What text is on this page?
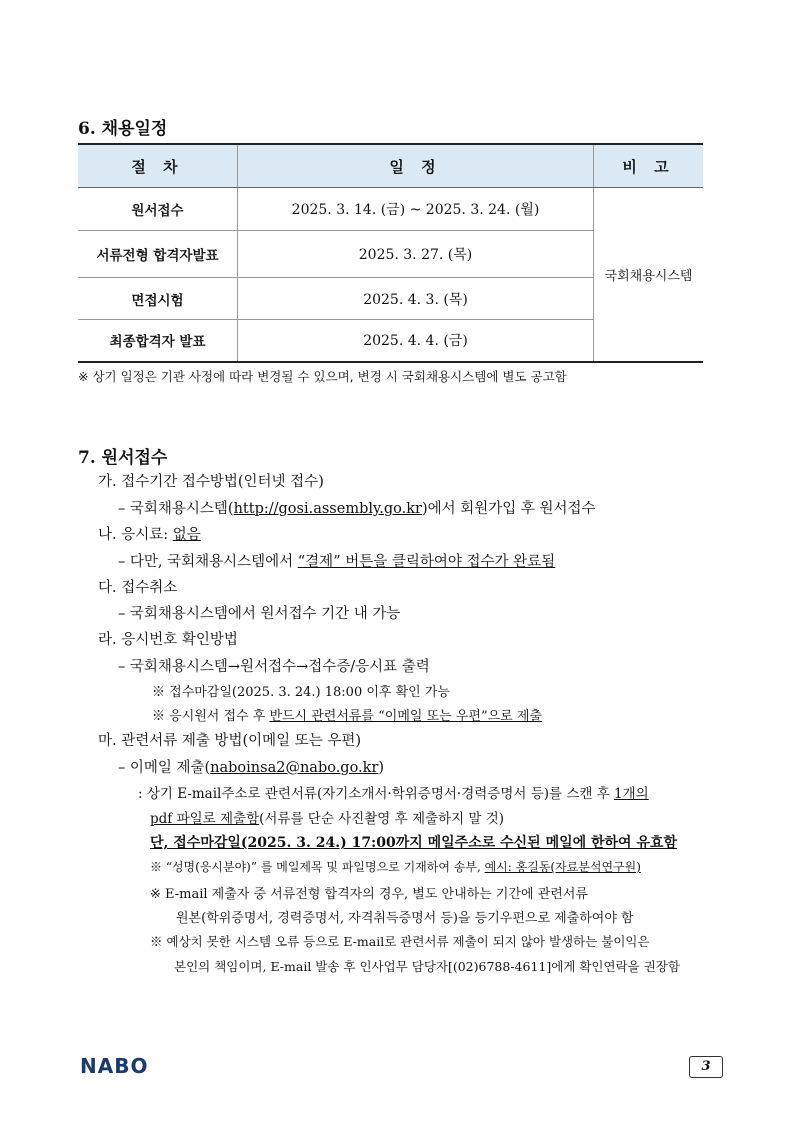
6. 채용일정
절 차	일 정	비 고
원서접수	2025. 3. 14. (금) ~ 2025. 3. 24. (월)	국회채용시스템
서류전형 합격자발표	2025. 3. 27. (목)	
면접시험	2025. 4. 3. (목)	
최종합격자 발표	2025. 4. 4. (금)	
※ 상기 일정은 기관 사정에 따라 변경될 수 있으며, 변경 시 국회채용시스템에 별도 공고함
7. 원서접수
가. 접수기간 접수방법(인터넷 접수)
– 국회채용시스템(http://gosi.assembly.go.kr)에서 회원가입 후 원서접수
나. 응시료: 없음
– 다만, 국회채용시스템에서 “결제” 버튼을 클릭하여야 접수가 완료됨
다. 접수취소
– 국회채용시스템에서 원서접수 기간 내 가능
라. 응시번호 확인방법
– 국회채용시스템→원서접수→접수증/응시표 출력
※ 접수마감일(2025. 3. 24.) 18:00 이후 확인 가능
※ 응시원서 접수 후 반드시 관련서류를 “이메일 또는 우편”으로 제출
마. 관련서류 제출 방법(이메일 또는 우편)
– 이메일 제출(naboinsa2@nabo.go.kr)
: 상기 E-mail주소로 관련서류(자기소개서·학위증명서·경력증명서 등)를 스캔 후 1개의
pdf 파일로 제출함(서류를 단순 사진촬영 후 제출하지 말 것)
단, 접수마감일(2025. 3. 24.) 17:00까지 메일주소로 수신된 메일에 한하여 유효함
※ “성명(응시분야)” 를 메일제목 및 파일명으로 기재하여 송부, 예시: 홍길동(자료분석연구원)
※ E-mail 제출자 중 서류전형 합격자의 경우, 별도 안내하는 기간에 관련서류
원본(학위증명서, 경력증명서, 자격취득증명서 등)을 등기우편으로 제출하여야 함
※ 예상치 못한 시스템 오류 등으로 E-mail로 관련서류 제출이 되지 않아 발생하는 불이익은
본인의 책임이며, E-mail 발송 후 인사업무 담당자[(02)6788-4611]에게 확인연락을 권장함
NABO	3
